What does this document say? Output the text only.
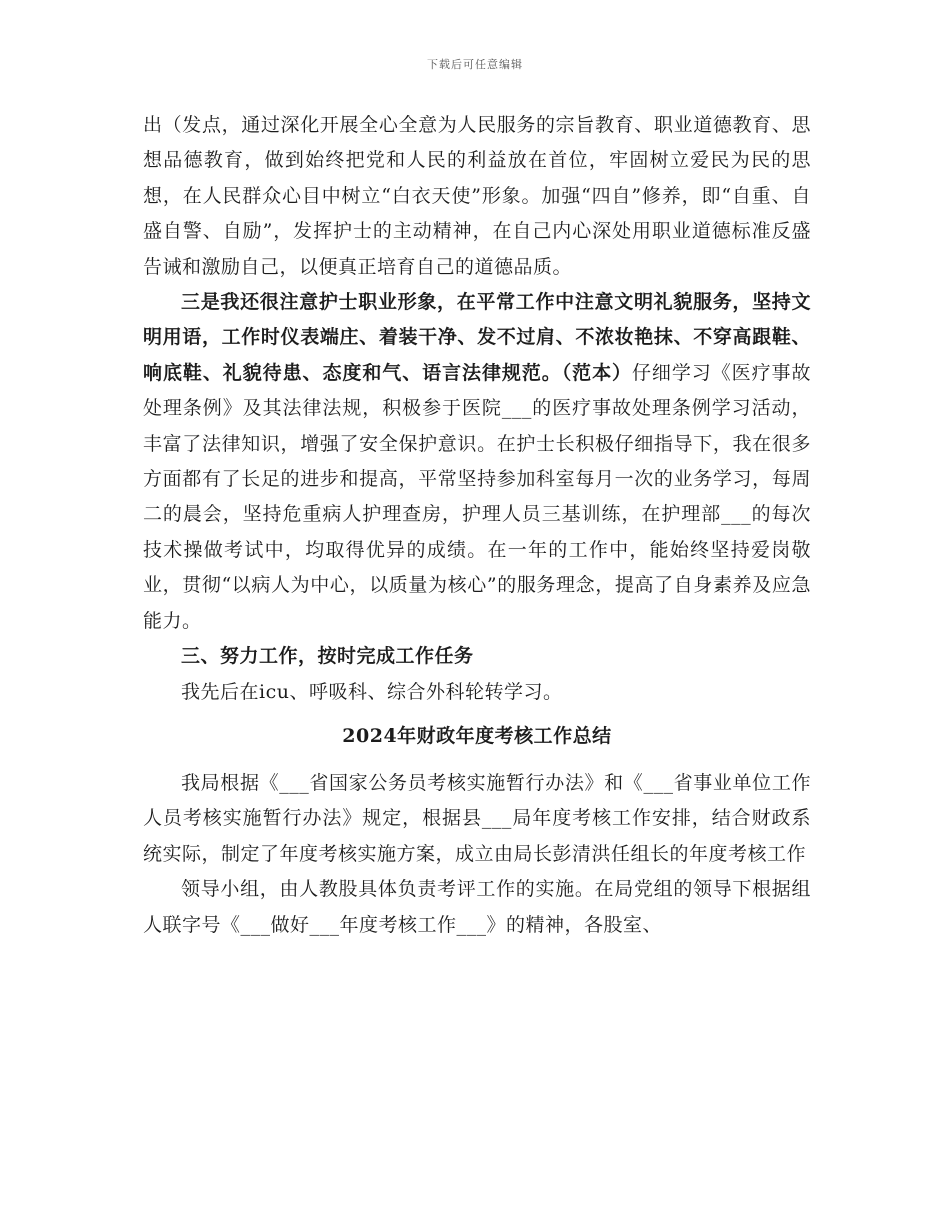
下载后可任意编辑

出（发点，通过深化开展全心全意为人民服务的宗旨教育、职业道德教育、思想品德教育，做到始终把党和人民的利益放在首位，牢固树立爱民为民的思想，在人民群众心目中树立“白衣天使”形象。加强“四自”修养，即“自重、自盛自警、自励”，发挥护士的主动精神，在自己内心深处用职业道德标准反盛告诫和激励自己，以便真正培育自己的道德品质。

三是我还很注意护士职业形象，在平常工作中注意文明礼貌服务，坚持文明用语，工作时仪表端庄、着装干净、发不过肩、不浓妆艳抹、不穿高跟鞋、响底鞋、礼貌待患、态度和气、语言法律规范。（范本）仔细学习《医疗事故处理条例》及其法律法规，积极参于医院___的医疗事故处理条例学习活动，丰富了法律知识，增强了安全保护意识。在护士长积极仔细指导下，我在很多方面都有了长足的进步和提高，平常坚持参加科室每月一次的业务学习，每周二的晨会，坚持危重病人护理查房，护理人员三基训练，在护理部___的每次技术操做考试中，均取得优异的成绩。在一年的工作中，能始终坚持爱岗敬业，贯彻“以病人为中心，以质量为核心”的服务理念，提高了自身素养及应急能力。

三、努力工作，按时完成工作任务

我先后在icu、呼吸科、综合外科轮转学习。

2024年财政年度考核工作总结

我局根据《___省国家公务员考核实施暂行办法》和《___省事业单位工作人员考核实施暂行办法》规定，根据县___局年度考核工作安排，结合财政系统实际，制定了年度考核实施方案，成立由局长彭清洪任组长的年度考核工作

领导小组，由人教股具体负责考评工作的实施。在局党组的领导下根据组人联字号《___做好___年度考核工作___》的精神，各股室、
